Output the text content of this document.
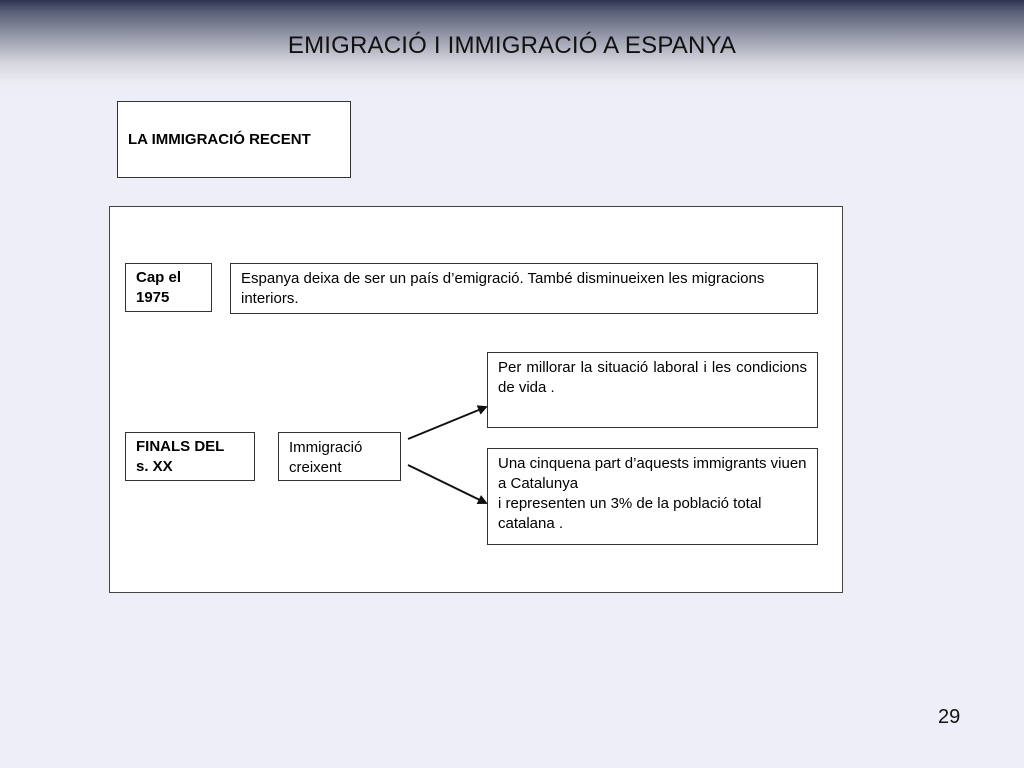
EMIGRACIÓ I IMMIGRACIÓ A ESPANYA
LA IMMIGRACIÓ RECENT
Cap el
1975
Espanya deixa de ser un país d’emigració. També disminueixen les migracions interiors.
FINALS DEL
s. XX
Immigració
creixent
Per millorar la situació laboral i les condicions de vida .
Una cinquena part d’aquests immigrants viuen a Catalunya
i representen un 3% de la població total catalana .
29
